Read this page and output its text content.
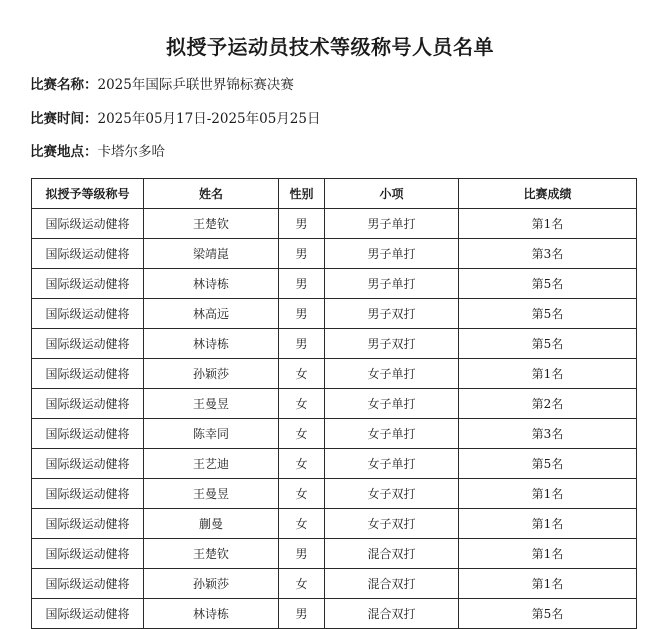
拟授予运动员技术等级称号人员名单
比赛名称：2025年国际乒联世界锦标赛决赛
比赛时间：2025年05月17日-2025年05月25日
比赛地点：卡塔尔多哈
拟授予等级称号	姓名	性别	小项	比赛成绩
国际级运动健将	王楚钦	男	男子单打	第1名
国际级运动健将	梁靖崑	男	男子单打	第3名
国际级运动健将	林诗栋	男	男子单打	第5名
国际级运动健将	林高远	男	男子双打	第5名
国际级运动健将	林诗栋	男	男子双打	第5名
国际级运动健将	孙颖莎	女	女子单打	第1名
国际级运动健将	王曼昱	女	女子单打	第2名
国际级运动健将	陈幸同	女	女子单打	第3名
国际级运动健将	王艺迪	女	女子单打	第5名
国际级运动健将	王曼昱	女	女子双打	第1名
国际级运动健将	蒯曼	女	女子双打	第1名
国际级运动健将	王楚钦	男	混合双打	第1名
国际级运动健将	孙颖莎	女	混合双打	第1名
国际级运动健将	林诗栋	男	混合双打	第5名
